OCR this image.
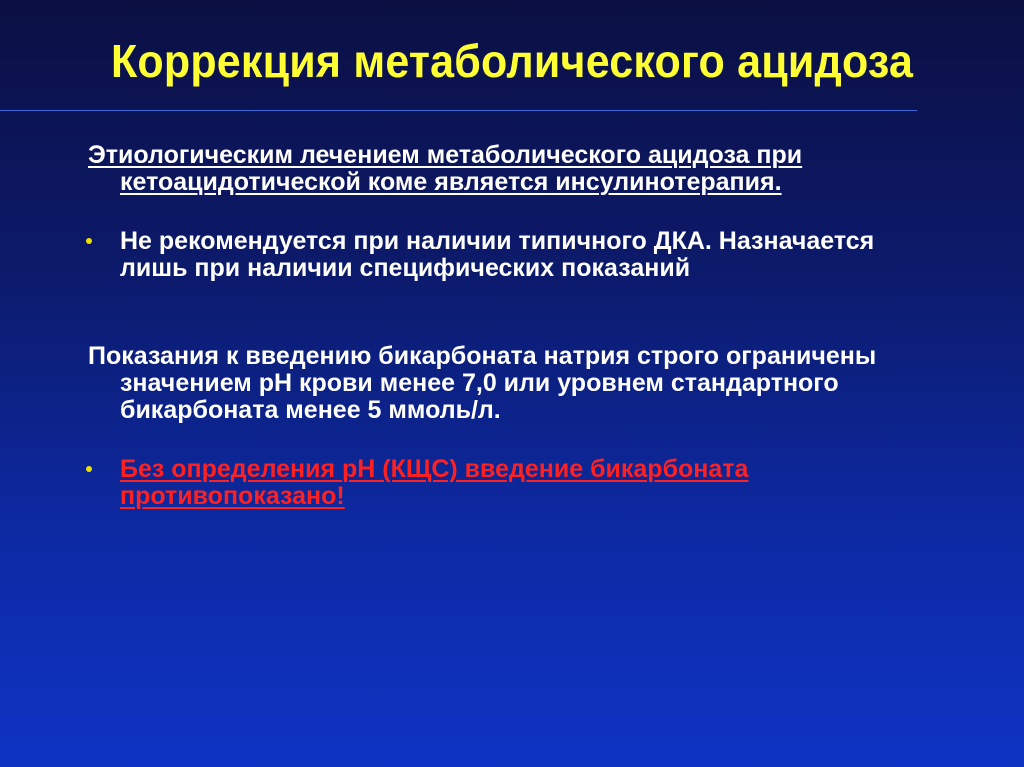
Коррекция метаболического ацидоза
Этиологическим лечением метаболического ацидоза при кетоацидотической коме является инсулинотерапия.
Не рекомендуется при наличии типичного ДКА. Назначается лишь при наличии специфических показаний
Показания к введению бикарбоната натрия строго ограничены значением pH крови менее 7,0 или уровнем стандартного бикарбоната менее 5 ммоль/л.
Без определения pH (КЩС) введение бикарбоната противопоказано!
